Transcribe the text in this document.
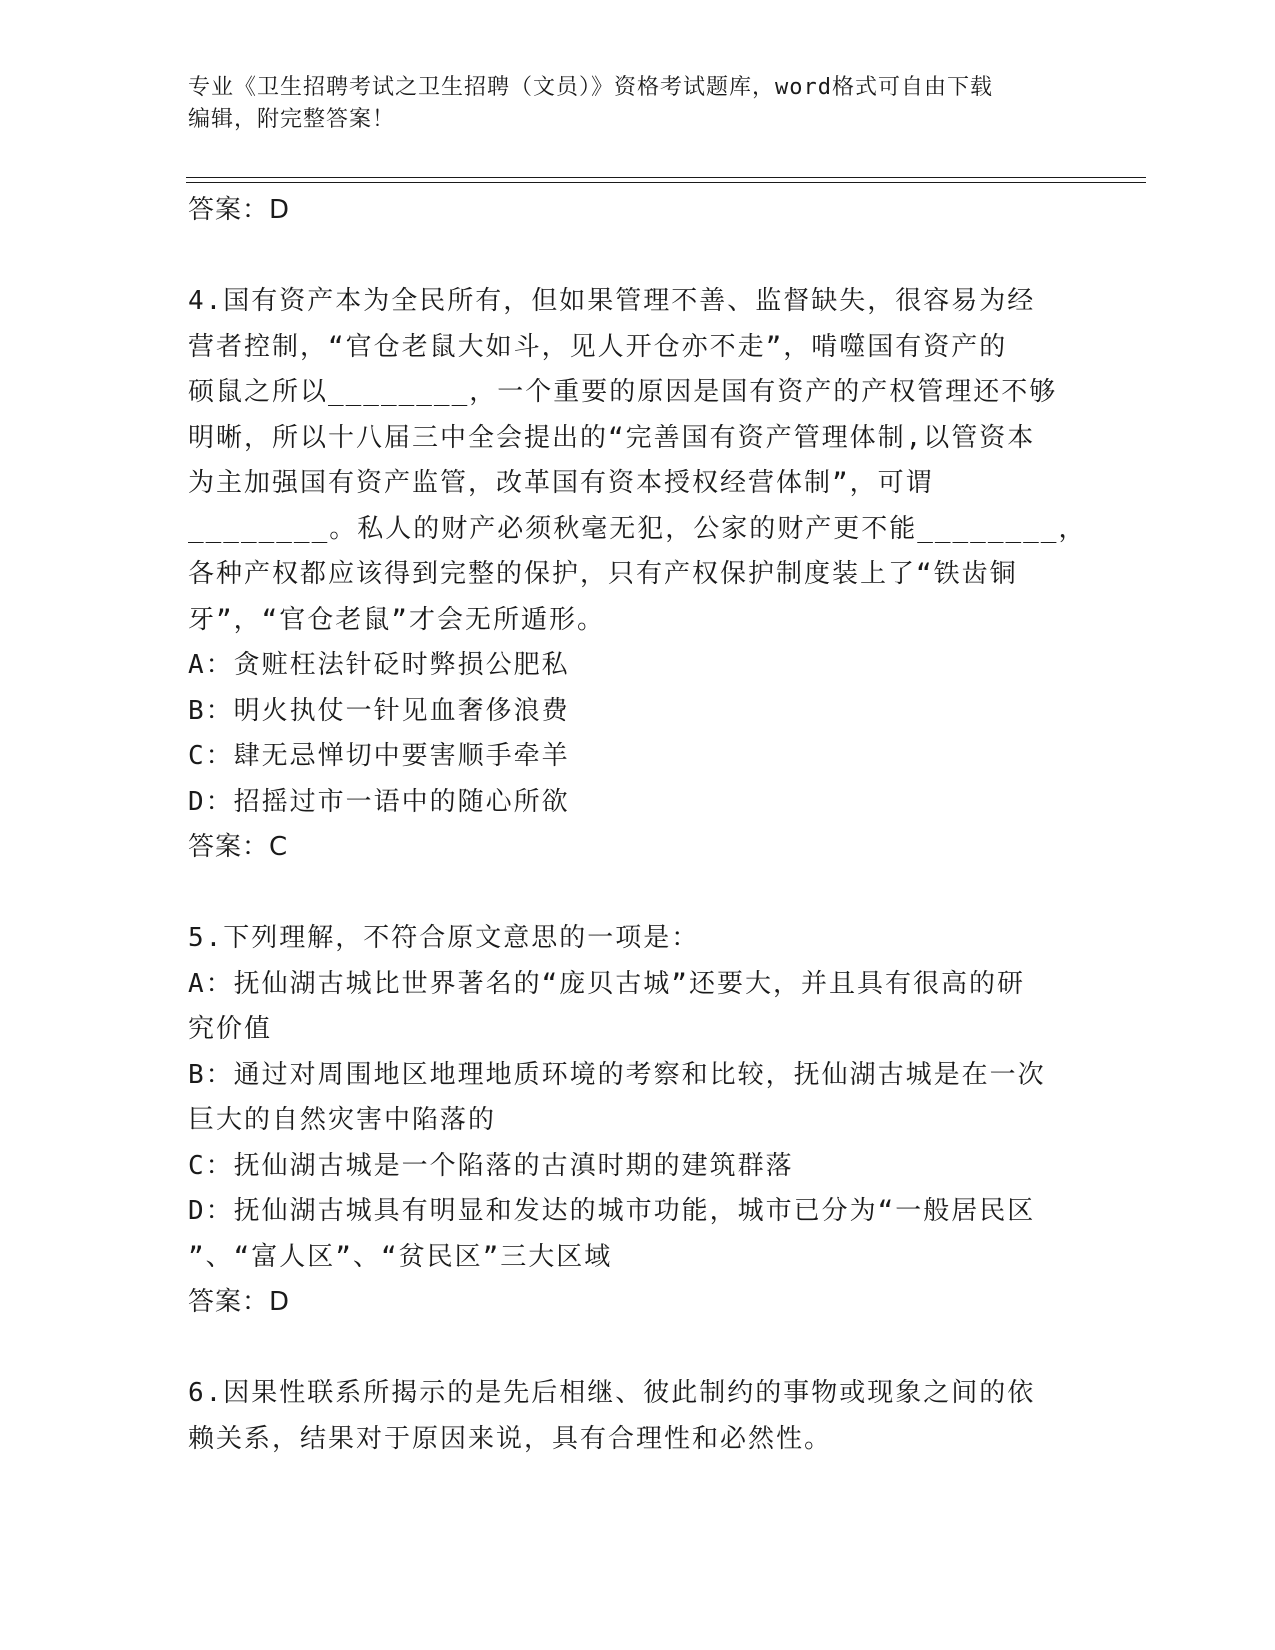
专业《卫生招聘考试之卫生招聘（文员）》资格考试题库，word格式可自由下载
编辑，附完整答案！
答案：D
4.国有资产本为全民所有，但如果管理不善、监督缺失，很容易为经
营者控制，“官仓老鼠大如斗，见人开仓亦不走”，啃噬国有资产的
硕鼠之所以________，一个重要的原因是国有资产的产权管理还不够
明晰，所以十八届三中全会提出的“完善国有资产管理体制,以管资本
为主加强国有资产监管，改革国有资本授权经营体制”，可谓
________。私人的财产必须秋毫无犯，公家的财产更不能________，
各种产权都应该得到完整的保护，只有产权保护制度装上了“铁齿铜
牙”，“官仓老鼠”才会无所遁形。
A：贪赃枉法针砭时弊损公肥私
B：明火执仗一针见血奢侈浪费
C：肆无忌惮切中要害顺手牵羊
D：招摇过市一语中的随心所欲
答案：C
5.下列理解，不符合原文意思的一项是：
A：抚仙湖古城比世界著名的“庞贝古城”还要大，并且具有很高的研
究价值
B：通过对周围地区地理地质环境的考察和比较，抚仙湖古城是在一次
巨大的自然灾害中陷落的
C：抚仙湖古城是一个陷落的古滇时期的建筑群落
D：抚仙湖古城具有明显和发达的城市功能，城市已分为“一般居民区
”、“富人区”、“贫民区”三大区域
答案：D
6.因果性联系所揭示的是先后相继、彼此制约的事物或现象之间的依
赖关系，结果对于原因来说，具有合理性和必然性。
